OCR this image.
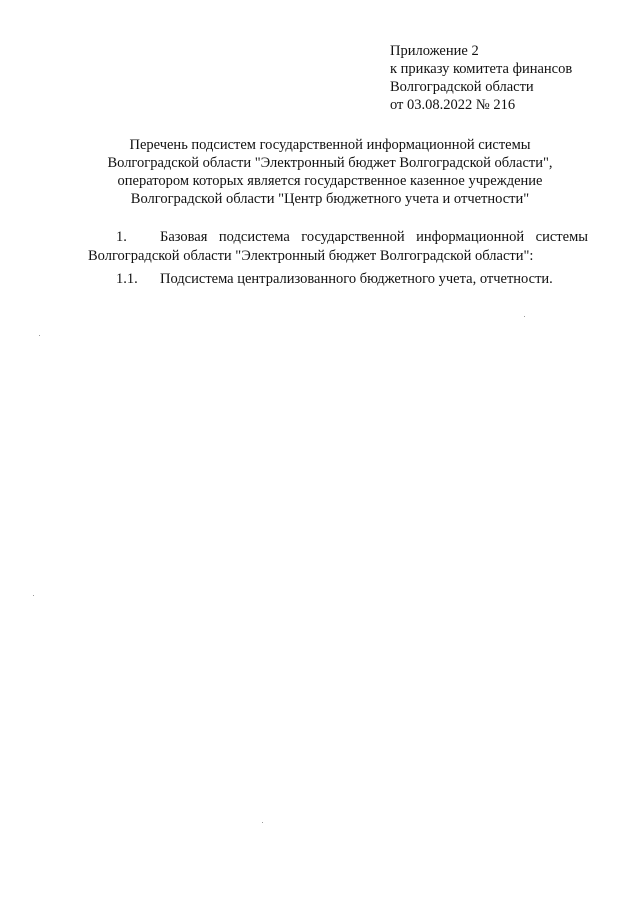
Приложение 2
к приказу комитета финансов
Волгоградской области
от 03.08.2022 № 216
Перечень подсистем государственной информационной системы
Волгоградской области "Электронный бюджет Волгоградской области",
оператором которых является государственное казенное учреждение
Волгоградской области "Центр бюджетного учета и отчетности"
1.	Базовая подсистема государственной информационной системы
Волгоградской области "Электронный бюджет Волгоградской области":
1.1.	Подсистема централизованного бюджетного учета, отчетности.
